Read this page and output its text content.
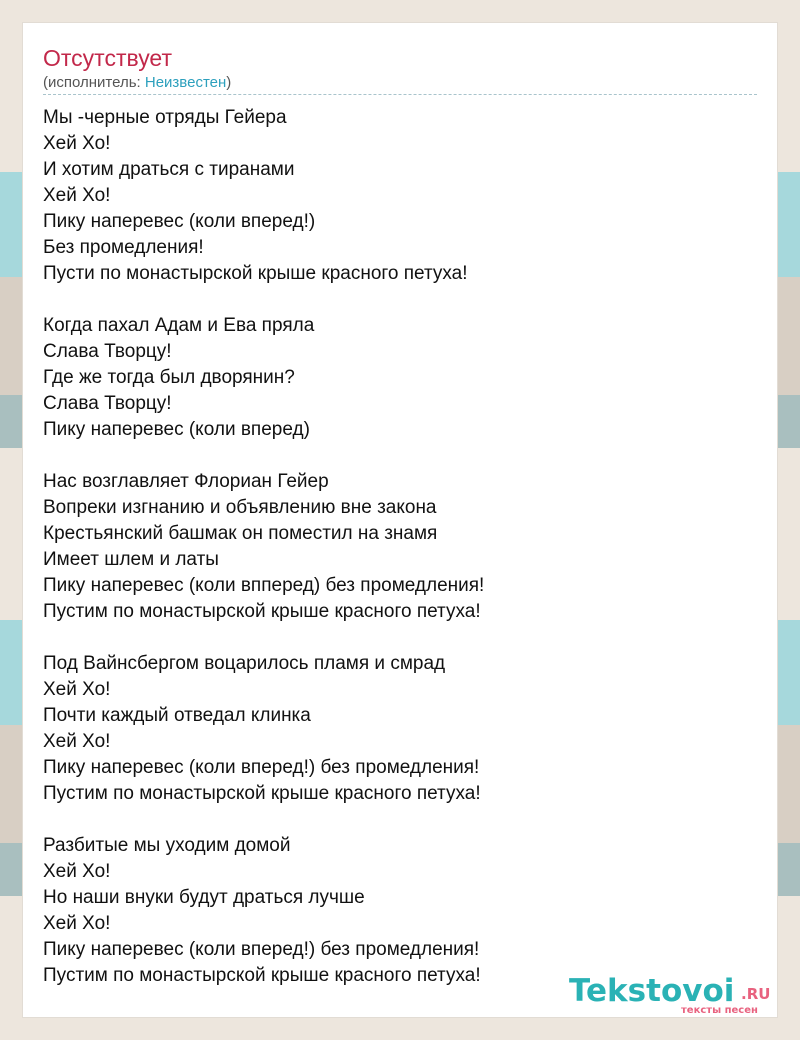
Отсутствует
(исполнитель: Неизвестен)
Мы -черные отряды Гейера
Хей Хо!
И хотим драться с тиранами
Хей Хо!
Пику наперевес (коли вперед!)
Без промедления!
Пусти по монастырской крыше красного петуха!
Когда пахал Адам и Ева пряла
Слава Творцу!
Где же тогда был дворянин?
Слава Творцу!
Пику наперевес (коли вперед)
Нас возглавляет Флориан Гейер
Вопреки изгнанию и объявлению вне закона
Крестьянский башмак он поместил на знамя
Имеет шлем и латы
Пику наперевес (коли впперед) без промедления!
Пустим по монастырской крыше красного петуха!
Под Вайнсбергом воцарилось пламя и смрад
Хей Хо!
Почти каждый отведал клинка
Хей Хо!
Пику наперевес (коли вперед!) без промедления!
Пустим по монастырской крыше красного петуха!
Разбитые мы уходим домой
Хей Хо!
Но наши внуки будут драться лучше
Хей Хо!
Пику наперевес (коли вперед!) без промедления!
Пустим по монастырской крыше красного петуха!	Tekstovoi .RU
тексты песен
